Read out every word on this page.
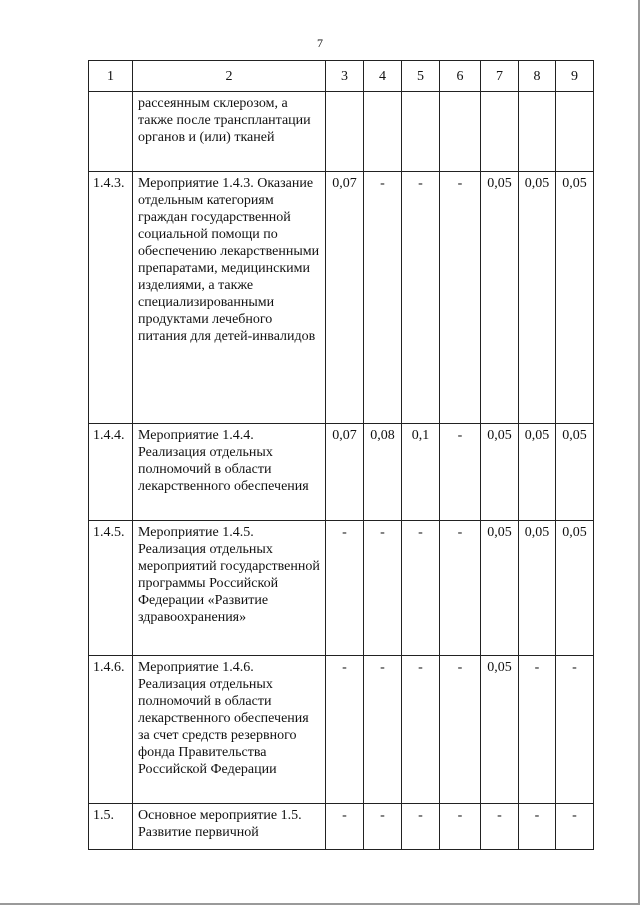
7
1	2	3	4	5	6	7	8	9
	рассеянным склерозом, а также после трансплантации органов и (или) тканей							
1.4.3.	Мероприятие 1.4.3. Оказание отдельным категориям граждан государственной социальной помощи по обеспечению лекарственными препаратами, медицинскими изделиями, а также специализированными продуктами лечебного питания для детей-инвалидов	0,07	-	-	-	0,05	0,05	0,05
1.4.4.	Мероприятие 1.4.4. Реализация отдельных полномочий в области лекарственного обеспечения	0,07	0,08	0,1	-	0,05	0,05	0,05
1.4.5.	Мероприятие 1.4.5. Реализация отдельных мероприятий государственной программы Российской Федерации «Развитие здравоохранения»	-	-	-	-	0,05	0,05	0,05
1.4.6.	Мероприятие 1.4.6. Реализация отдельных полномочий в области лекарственного обеспечения за счет средств резервного фонда Правительства Российской Федерации	-	-	-	-	0,05	-	-
1.5.	Основное мероприятие 1.5. Развитие первичной	-	-	-	-	-	-	-
